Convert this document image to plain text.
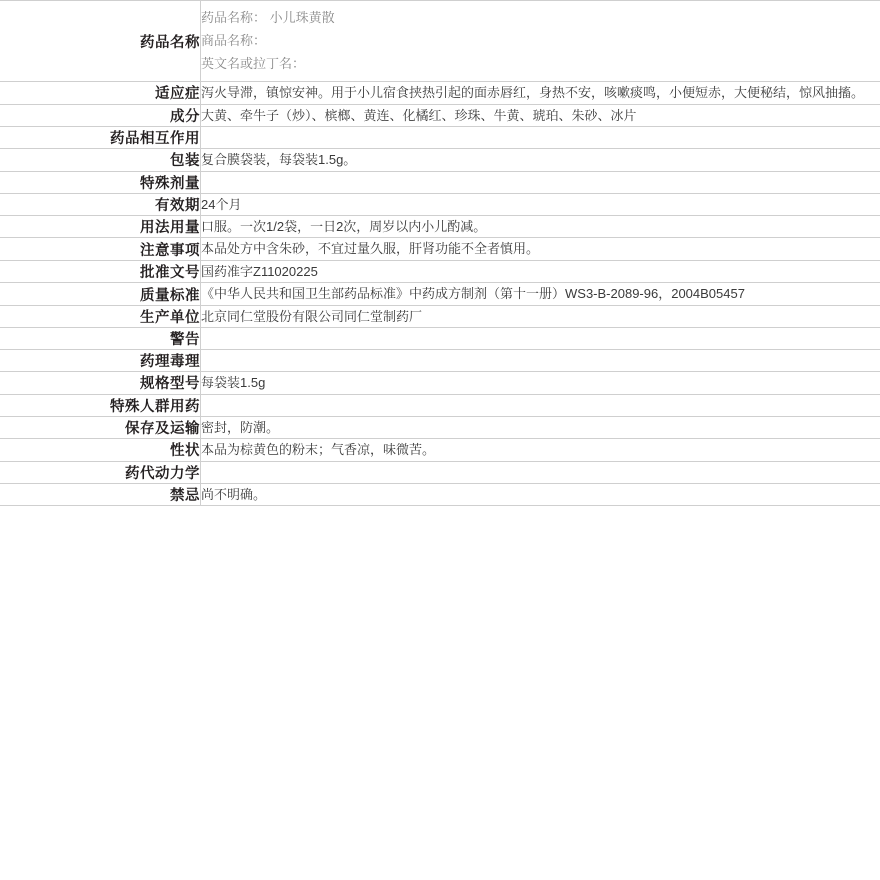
药品名称	药品名称： 小儿珠黄散
商品名称：
英文名或拉丁名：

适应症	泻火导滞，镇惊安神。用于小儿宿食挟热引起的面赤唇红，身热不安，咳嗽痰鸣，小便短赤，大便秘结，惊风抽搐。

成分	大黄、牵牛子（炒）、槟榔、黄连、化橘红、珍珠、牛黄、琥珀、朱砂、冰片

药品相互作用	

包装	复合膜袋装，每袋装1.5g。

特殊剂量	

有效期	24个月

用法用量	口服。一次1/2袋，一日2次，周岁以内小儿酌减。

注意事项	本品处方中含朱砂，不宜过量久服，肝肾功能不全者慎用。

批准文号	国药准字Z11020225

质量标准	《中华人民共和国卫生部药品标准》中药成方制剂（第十一册）WS3-B-2089-96，2004B05457

生产单位	北京同仁堂股份有限公司同仁堂制药厂

警告	

药理毒理	

规格型号	每袋装1.5g

特殊人群用药	

保存及运输	密封，防潮。

性状	本品为棕黄色的粉末；气香凉，味微苦。

药代动力学	

禁忌	尚不明确。
